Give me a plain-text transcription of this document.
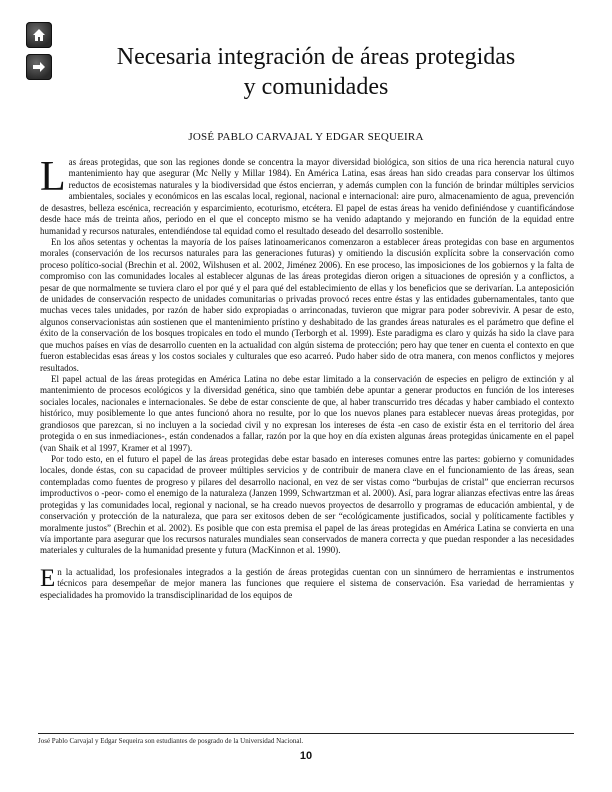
Necesaria integración de áreas protegidas
y comunidades
JOSÉ PABLO CARVAJAL Y EDGAR SEQUEIRA

Las áreas protegidas, que son las regiones donde se concentra la mayor diversidad biológica, son sitios de una rica herencia natural cuyo mantenimiento hay que asegurar (Mc Nelly y Millar 1984). En América Latina, esas áreas han sido creadas para conservar los últimos reductos de ecosistemas naturales y la biodiversidad que éstos encierran, y además cumplen con la función de brindar múltiples servicios ambientales, sociales y económicos en las escalas local, regional, nacional e internacional: aire puro, almacenamiento de agua, prevención de desastres, belleza escénica, recreación y esparcimiento, ecoturismo, etcétera. El papel de estas áreas ha venido definiéndose y cuantificándose desde hace más de treinta años, periodo en el que el concepto mismo se ha venido adaptando y mejorando en función de la equidad entre humanidad y recursos naturales, entendiéndose tal equidad como el resultado deseado del desarrollo sostenible.

En los años setentas y ochentas la mayoría de los países latinoamericanos comenzaron a establecer áreas protegidas con base en argumentos morales (conservación de los recursos naturales para las generaciones futuras) y omitiendo la discusión explícita sobre la conservación como proceso político-social (Brechin et al. 2002, Wilshusen et al. 2002, Jiménez 2006). En ese proceso, las imposiciones de los gobiernos y la falta de compromiso con las comunidades locales al establecer algunas de las áreas protegidas dieron origen a situaciones de opresión y a conflictos, a pesar de que normalmente se tuviera claro el por qué y el para qué del establecimiento de ellas y los beneficios que se derivarían. La anteposición de unidades de conservación respecto de unidades comunitarias o privadas provocó reces entre éstas y las entidades gubernamentales, tanto que muchas veces tales unidades, por razón de haber sido expropiadas o arrinconadas, tuvieron que migrar para poder sobrevivir. A pesar de esto, algunos conservacionistas aún sostienen que el mantenimiento prístino y deshabitado de las grandes áreas naturales es el parámetro que define el éxito de la conservación de los bosques tropicales en todo el mundo (Terborgh et al. 1999). Este paradigma es claro y quizás ha sido la clave para que muchos países en vías de desarrollo cuenten en la actualidad con algún sistema de protección; pero hay que tener en cuenta el contexto en que fueron establecidas esas áreas y los costos sociales y culturales que eso acarreó. Pudo haber sido de otra manera, con menos conflictos y mejores resultados.

El papel actual de las áreas protegidas en América Latina no debe estar limitado a la conservación de especies en peligro de extinción y al mantenimiento de procesos ecológicos y la diversidad genética, sino que también debe apuntar a generar productos en función de los intereses sociales locales, nacionales e internacionales. Se debe de estar consciente de que, al haber transcurrido tres décadas y haber cambiado el contexto histórico, muy posiblemente lo que antes funcionó ahora no resulte, por lo que los nuevos planes para establecer nuevas áreas protegidas, por grandiosos que parezcan, si no incluyen a la sociedad civil y no expresan los intereses de ésta -en caso de existir ésta en el territorio del área protegida o en sus inmediaciones-, están condenados a fallar, razón por la que hoy en día existen algunas áreas protegidas únicamente en el papel (van Shaik et al 1997, Kramer et al 1997).

Por todo esto, en el futuro el papel de las áreas protegidas debe estar basado en intereses comunes entre las partes: gobierno y comunidades locales, donde éstas, con su capacidad de proveer múltiples servicios y de contribuir de manera clave en el funcionamiento de las áreas, sean contempladas como fuentes de progreso y pilares del desarrollo nacional, en vez de ser vistas como “burbujas de cristal” que encierran recursos improductivos o -peor- como el enemigo de la naturaleza (Janzen 1999, Schwartzman et al. 2000). Así, para lograr alianzas efectivas entre las áreas protegidas y las comunidades local, regional y nacional, se ha creado nuevos proyectos de desarrollo y programas de educación ambiental, y de conservación y protección de la naturaleza, que para ser exitosos deben de ser “ecológicamente justificados, social y políticamente factibles y moralmente justos” (Brechin et al. 2002). Es posible que con esta premisa el papel de las áreas protegidas en América Latina se convierta en una vía importante para asegurar que los recursos naturales mundiales sean conservados de manera correcta y que puedan responder a las necesidades materiales y culturales de la humanidad presente y futura (MacKinnon et al. 1990).

En la actualidad, los profesionales integrados a la gestión de áreas protegidas cuentan con un sinnúmero de herramientas e instrumentos técnicos para desempeñar de mejor manera las funciones que requiere el sistema de conservación. Esa variedad de herramientas y especialidades ha promovido la transdisciplinaridad de los equipos de

José Pablo Carvajal y Edgar Sequeira son estudiantes de posgrado de la Universidad Nacional.
10
